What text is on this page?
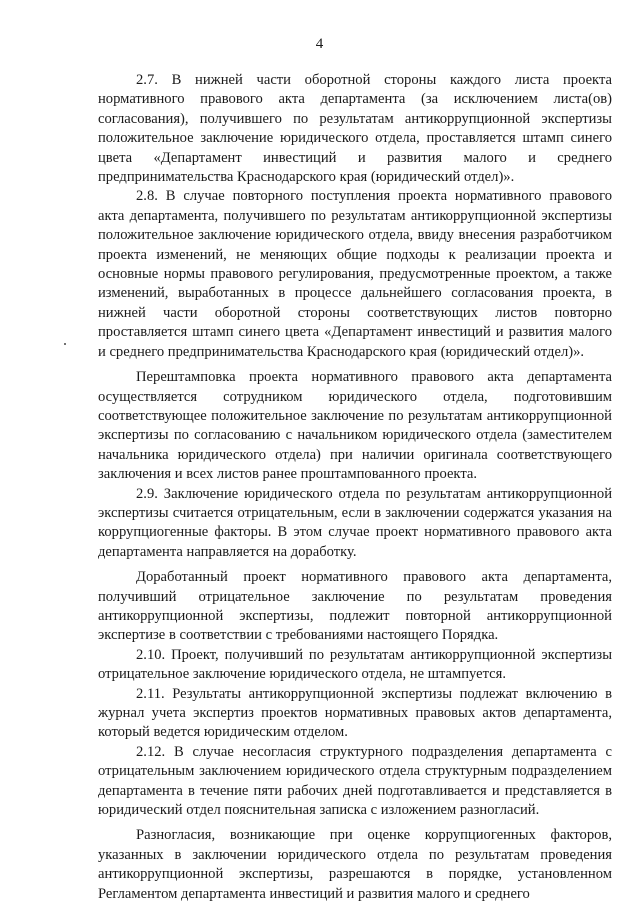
4

2.7. В нижней части оборотной стороны каждого листа проекта нормативного правового акта департамента (за исключением листа(ов) согласования), получившего по результатам антикоррупционной экспертизы положительное заключение юридического отдела, проставляется штамп синего цвета «Департамент инвестиций и развития малого и среднего предпринимательства Краснодарского края (юридический отдел)».

2.8. В случае повторного поступления проекта нормативного правового акта департамента, получившего по результатам антикоррупционной экспертизы положительное заключение юридического отдела, ввиду внесения разработчиком проекта изменений, не меняющих общие подходы к реализации проекта и основные нормы правового регулирования, предусмотренные проектом, а также изменений, выработанных в процессе дальнейшего согласования проекта, в нижней части оборотной стороны соответствующих листов повторно проставляется штамп синего цвета «Департамент инвестиций и развития малого и среднего предпринимательства Краснодарского края (юридический отдел)».

Перештамповка проекта нормативного правового акта департамента осуществляется сотрудником юридического отдела, подготовившим соответствующее положительное заключение по результатам антикоррупционной экспертизы по согласованию с начальником юридического отдела (заместителем начальника юридического отдела) при наличии оригинала соответствующего заключения и всех листов ранее проштампованного проекта.

2.9. Заключение юридического отдела по результатам антикоррупционной экспертизы считается отрицательным, если в заключении содержатся указания на коррупциогенные факторы. В этом случае проект нормативного правового акта департамента направляется на доработку.

Доработанный проект нормативного правового акта департамента, получивший отрицательное заключение по результатам проведения антикоррупционной экспертизы, подлежит повторной антикоррупционной экспертизе в соответствии с требованиями настоящего Порядка.

2.10. Проект, получивший по результатам антикоррупционной экспертизы отрицательное заключение юридического отдела, не штампуется.

2.11. Результаты антикоррупционной экспертизы подлежат включению в журнал учета экспертиз проектов нормативных правовых актов департамента, который ведется юридическим отделом.

2.12. В случае несогласия структурного подразделения департамента с отрицательным заключением юридического отдела структурным подразделением департамента в течение пяти рабочих дней подготавливается и представляется в юридический отдел пояснительная записка с изложением разногласий.

Разногласия, возникающие при оценке коррупциогенных факторов, указанных в заключении юридического отдела по результатам проведения антикоррупционной экспертизы, разрешаются в порядке, установленном Регламентом департамента инвестиций и развития малого и среднего
